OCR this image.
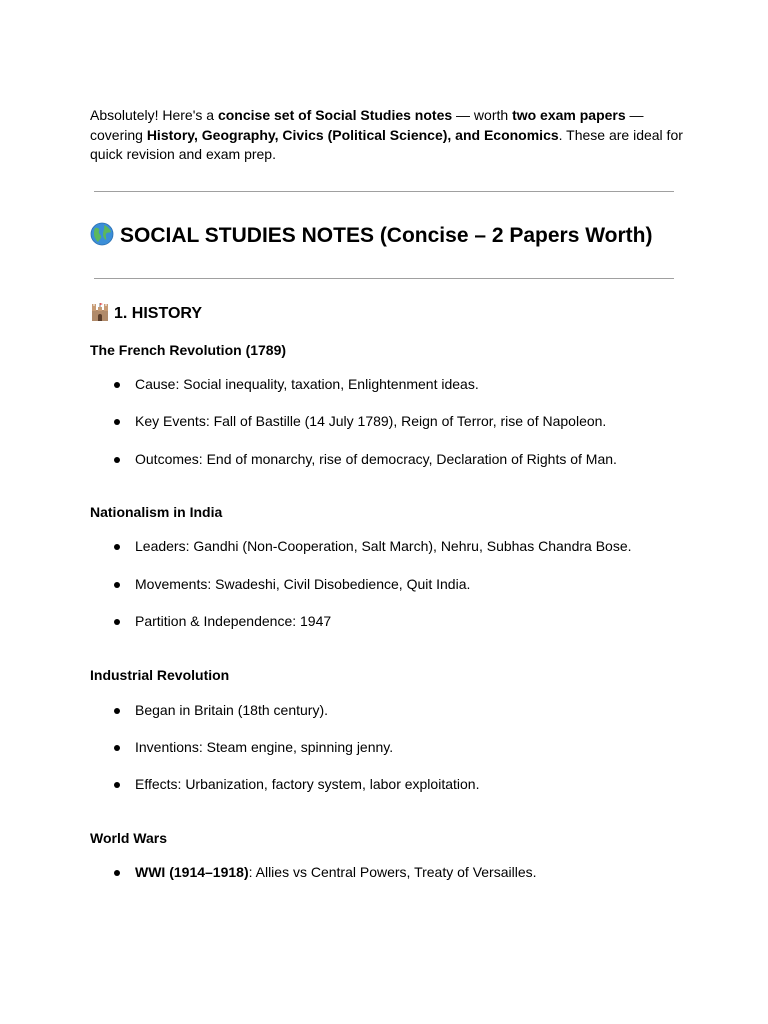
Absolutely! Here's a concise set of Social Studies notes — worth two exam papers — covering History, Geography, Civics (Political Science), and Economics. These are ideal for quick revision and exam prep.
SOCIAL STUDIES NOTES (Concise – 2 Papers Worth)
1. HISTORY
The French Revolution (1789)
Cause: Social inequality, taxation, Enlightenment ideas.
Key Events: Fall of Bastille (14 July 1789), Reign of Terror, rise of Napoleon.
Outcomes: End of monarchy, rise of democracy, Declaration of Rights of Man.
Nationalism in India
Leaders: Gandhi (Non-Cooperation, Salt March), Nehru, Subhas Chandra Bose.
Movements: Swadeshi, Civil Disobedience, Quit India.
Partition & Independence: 1947
Industrial Revolution
Began in Britain (18th century).
Inventions: Steam engine, spinning jenny.
Effects: Urbanization, factory system, labor exploitation.
World Wars
WWI (1914–1918): Allies vs Central Powers, Treaty of Versailles.
